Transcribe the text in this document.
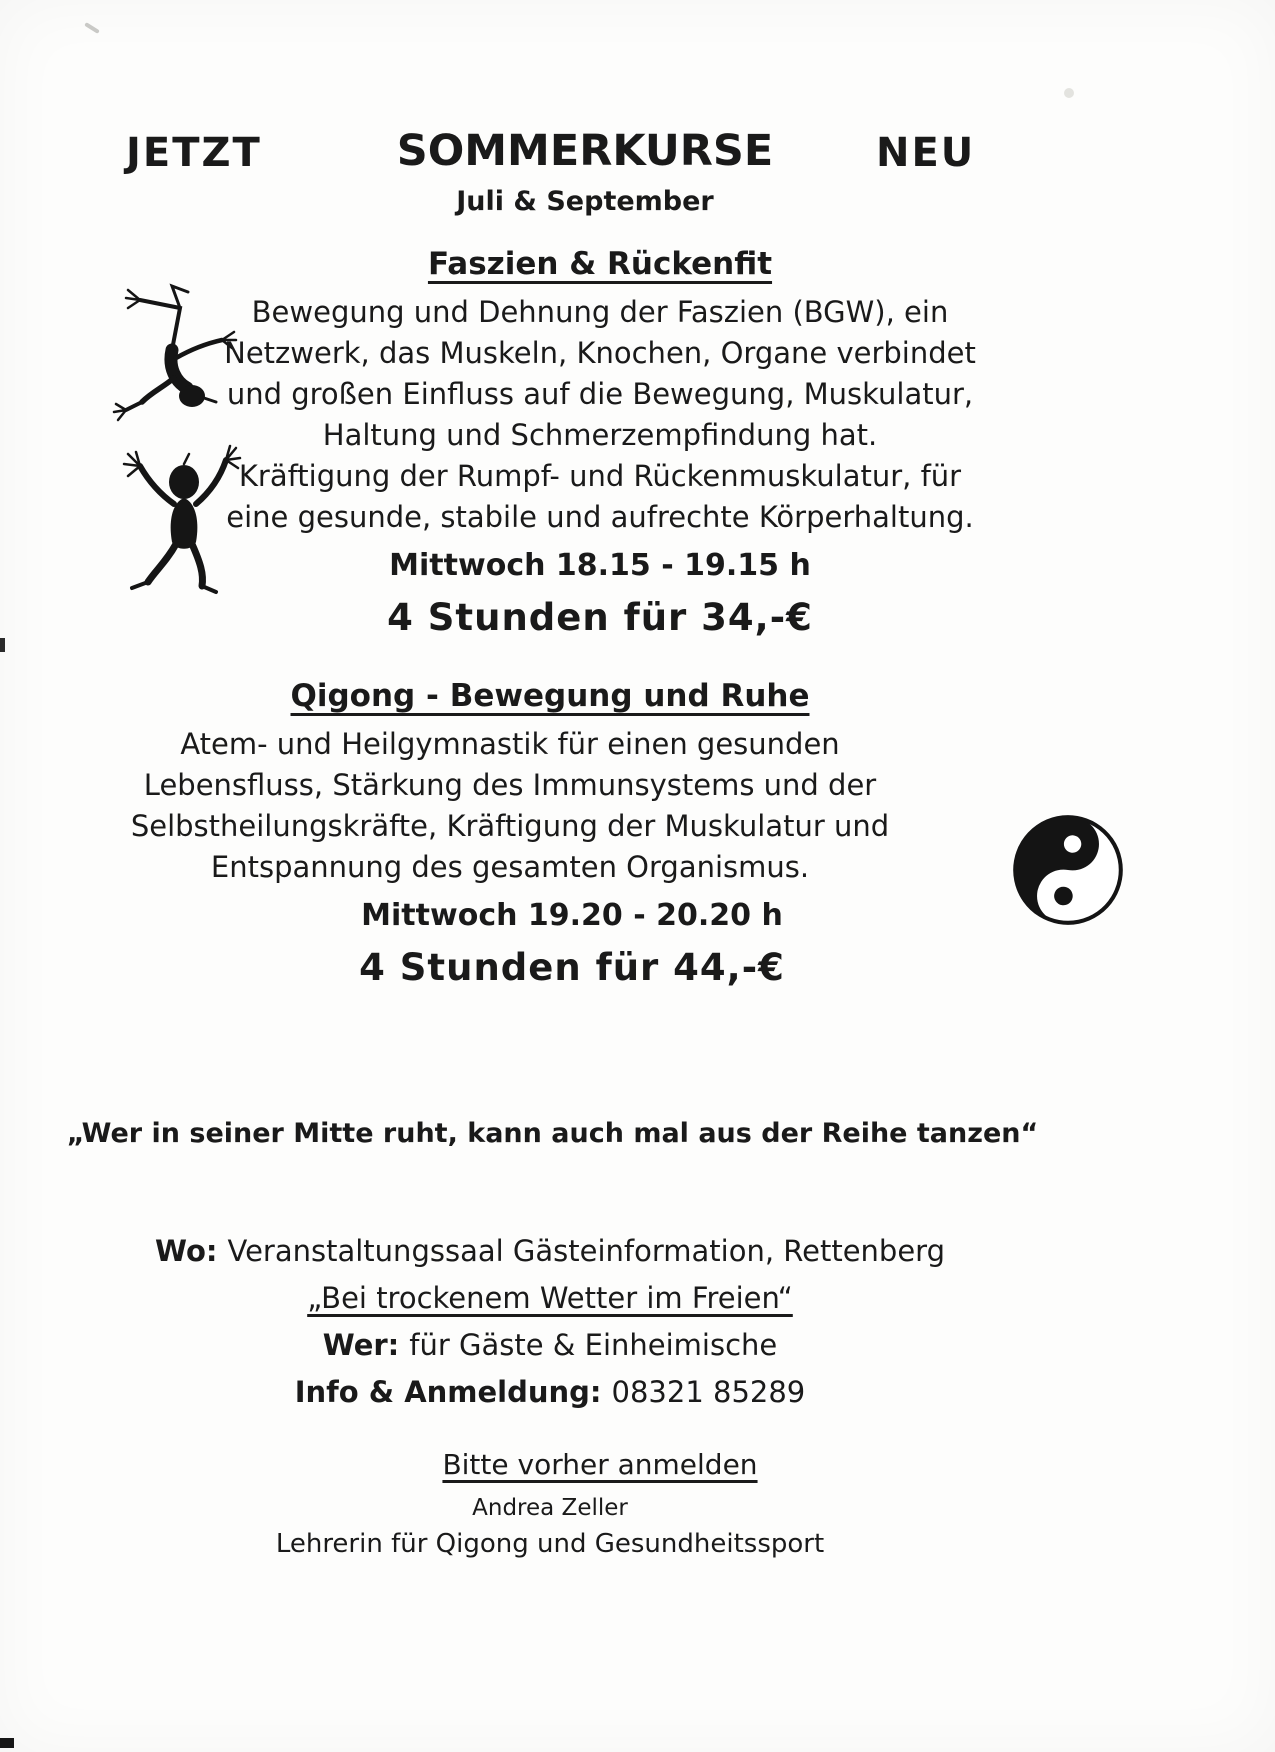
JETZT	SOMMERKURSE	NEU
Juli & September
Faszien & Rückenfit
Bewegung und Dehnung der Faszien (BGW), ein
Netzwerk, das Muskeln, Knochen, Organe verbindet
und großen Einfluss auf die Bewegung, Muskulatur,
Haltung und Schmerzempfindung hat.
Kräftigung der Rumpf- und Rückenmuskulatur, für
eine gesunde, stabile und aufrechte Körperhaltung.
Mittwoch 18.15 - 19.15 h
4 Stunden für 34,-€
Qigong - Bewegung und Ruhe
Atem- und Heilgymnastik für einen gesunden
Lebensfluss, Stärkung des Immunsystems und der
Selbstheilungskräfte, Kräftigung der Muskulatur und
Entspannung des gesamten Organismus.
Mittwoch 19.20 - 20.20 h
4 Stunden für 44,-€
„Wer in seiner Mitte ruht, kann auch mal aus der Reihe tanzen“
Wo: Veranstaltungssaal Gästeinformation, Rettenberg
„Bei trockenem Wetter im Freien“
Wer: für Gäste & Einheimische
Info & Anmeldung: 08321 85289
Bitte vorher anmelden
Andrea Zeller
Lehrerin für Qigong und Gesundheitssport
